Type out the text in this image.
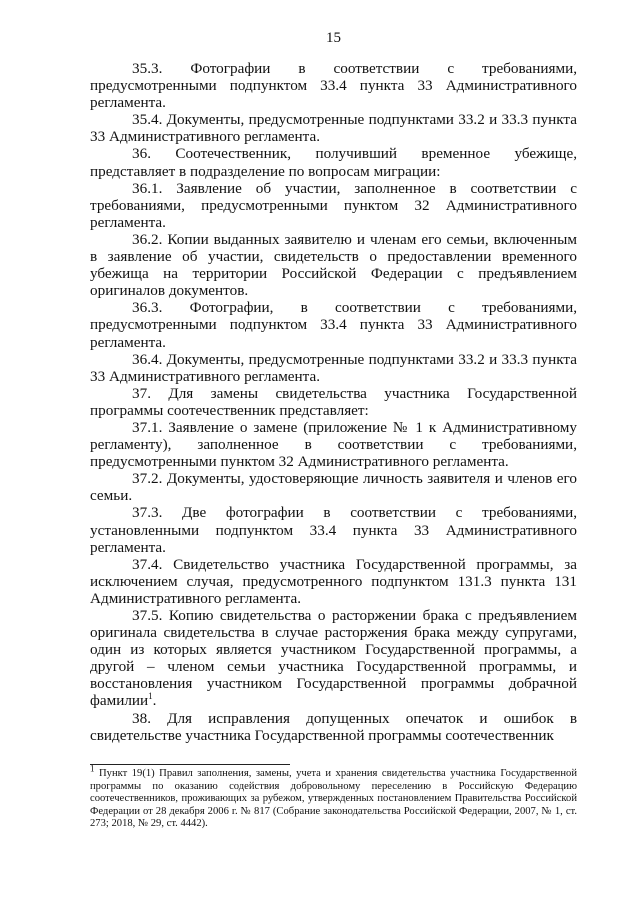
15

35.3. Фотографии в соответствии с требованиями, предусмотренными подпунктом 33.4 пункта 33 Административного регламента.

35.4. Документы, предусмотренные подпунктами 33.2 и 33.3 пункта 33 Административного регламента.

36. Соотечественник, получивший временное убежище, представляет в подразделение по вопросам миграции:

36.1. Заявление об участии, заполненное в соответствии с требованиями, предусмотренными пунктом 32 Административного регламента.

36.2. Копии выданных заявителю и членам его семьи, включенным в заявление об участии, свидетельств о предоставлении временного убежища на территории Российской Федерации с предъявлением оригиналов документов.

36.3. Фотографии, в соответствии с требованиями, предусмотренными подпунктом 33.4 пункта 33 Административного регламента.

36.4. Документы, предусмотренные подпунктами 33.2 и 33.3 пункта 33 Административного регламента.

37. Для замены свидетельства участника Государственной программы соотечественник представляет:

37.1. Заявление о замене (приложение № 1 к Административному регламенту), заполненное в соответствии с требованиями, предусмотренными пунктом 32 Административного регламента.

37.2. Документы, удостоверяющие личность заявителя и членов его семьи.

37.3. Две фотографии в соответствии с требованиями, установленными подпунктом 33.4 пункта 33 Административного регламента.

37.4. Свидетельство участника Государственной программы, за исключением случая, предусмотренного подпунктом 131.3 пункта 131 Административного регламента.

37.5. Копию свидетельства о расторжении брака с предъявлением оригинала свидетельства в случае расторжения брака между супругами, один из которых является участником Государственной программы, а другой – членом семьи участника Государственной программы, и восстановления участником Государственной программы добрачной фамилии$^1$.

38. Для исправления допущенных опечаток и ошибок в свидетельстве участника Государственной программы соотечественник

$^1$ Пункт 19(1) Правил заполнения, замены, учета и хранения свидетельства участника Государственной программы по оказанию содействия добровольному переселению в Российскую Федерацию соотечественников, проживающих за рубежом, утвержденных постановлением Правительства Российской Федерации от 28 декабря 2006 г. № 817 (Собрание законодательства Российской Федерации, 2007, № 1, ст. 273; 2018, № 29, ст. 4442).
